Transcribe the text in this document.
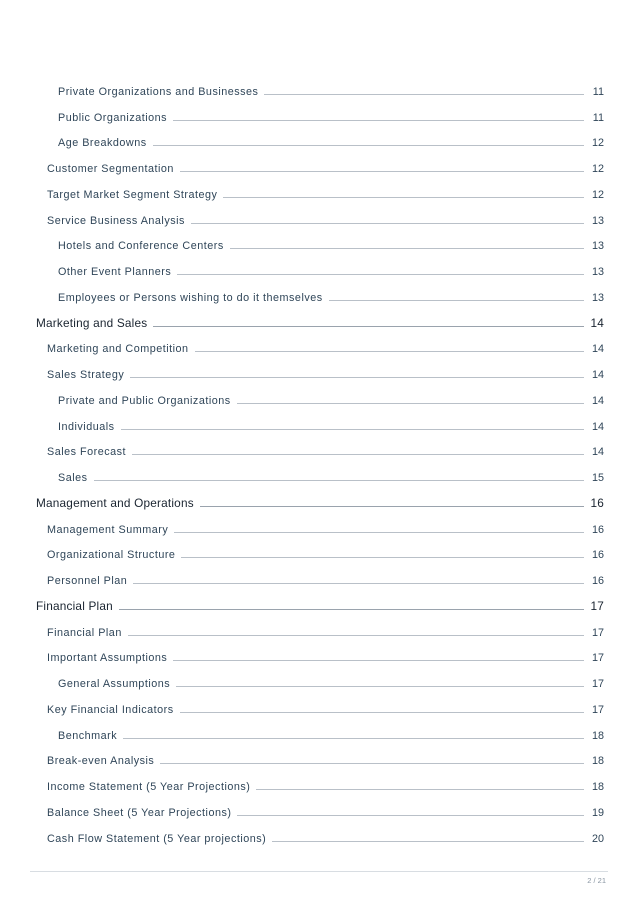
Private Organizations and Businesses	11
Public Organizations	11
Age Breakdowns	12
Customer Segmentation	12
Target Market Segment Strategy	12
Service Business Analysis	13
Hotels and Conference Centers	13
Other Event Planners	13
Employees or Persons wishing to do it themselves	13
Marketing and Sales	14
Marketing and Competition	14
Sales Strategy	14
Private and Public Organizations	14
Individuals	14
Sales Forecast	14
Sales	15
Management and Operations	16
Management Summary	16
Organizational Structure	16
Personnel Plan	16
Financial Plan	17
Financial Plan	17
Important Assumptions	17
General Assumptions	17
Key Financial Indicators	17
Benchmark	18
Break-even Analysis	18
Income Statement (5 Year Projections)	18
Balance Sheet (5 Year Projections)	19
Cash Flow Statement (5 Year projections)	20
2 / 21
